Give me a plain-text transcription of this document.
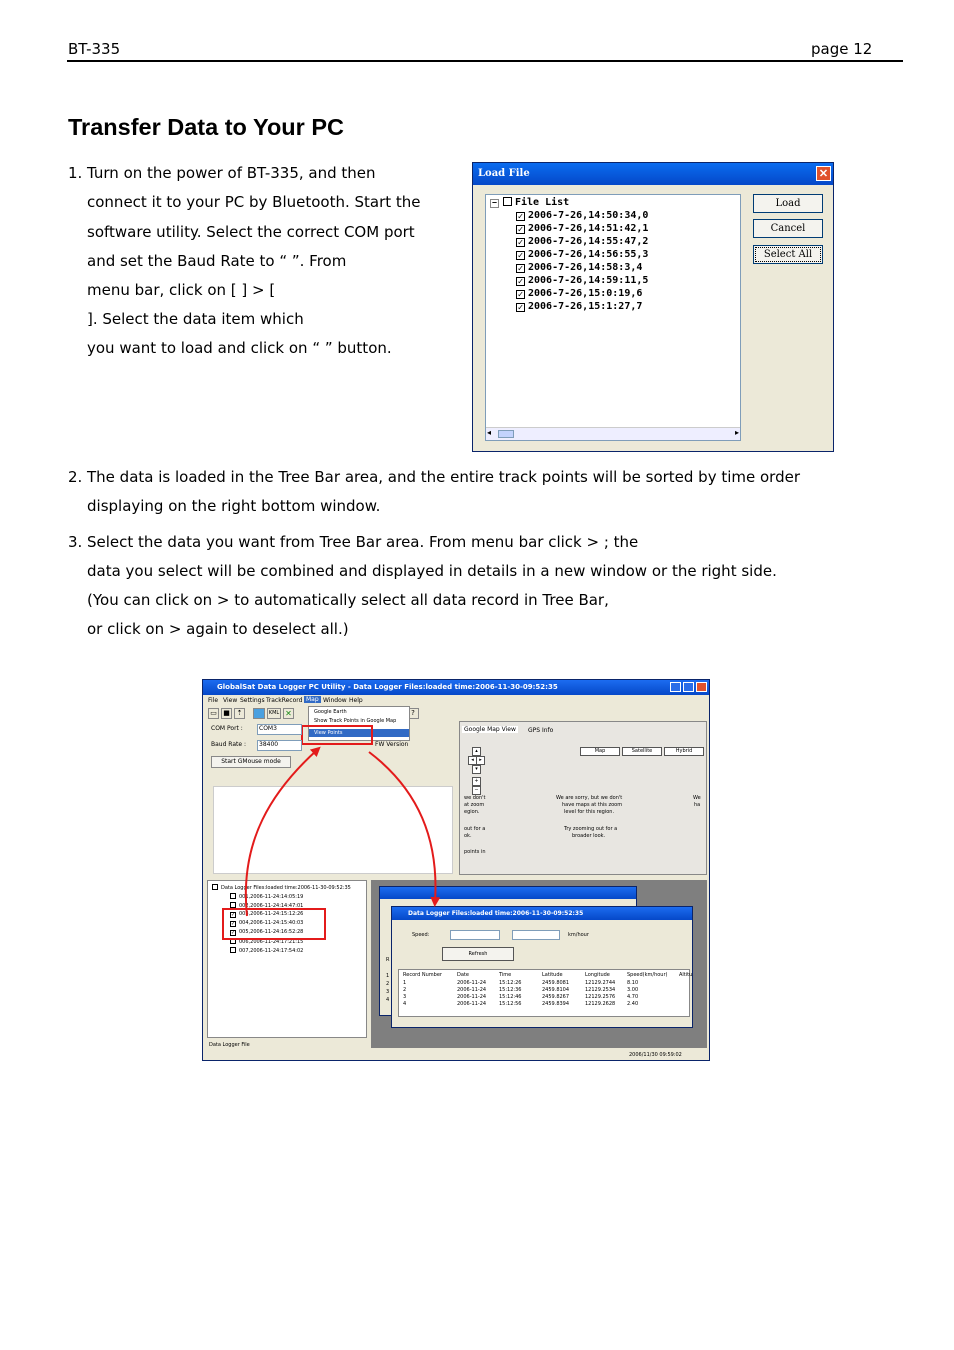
BT-335	page 12
Transfer Data to Your PC
1. Turn on the power of BT-335, and then
connect it to your PC by Bluetooth. Start the
software utility. Select the correct COM port
and set the Baud Rate to “ ”. From
menu bar, click on [ ] > [
]. Select the data item which
you want to load and click on “ ” button.
Load File	✕
− File List
✓ 2006-7-26,14:50:34,0
✓ 2006-7-26,14:51:42,1
✓ 2006-7-26,14:55:47,2
✓ 2006-7-26,14:56:55,3
✓ 2006-7-26,14:58:3,4
✓ 2006-7-26,14:59:11,5
✓ 2006-7-26,15:0:19,6
✓ 2006-7-26,15:1:27,7
◂	▸
Load
Cancel
Select All
2. The data is loaded in the Tree Bar area, and the entire track points will be sorted by time order
displaying on the right bottom window.
3. Select the data you want from Tree Bar area. From menu bar click > ; the
data you select will be combined and displayed in details in a new window or the right side.
(You can click on > to automatically select all data record in Tree Bar,
or click on > again to deselect all.)
GlobalSat Data Logger PC Utility - Data Logger Files:loaded time:2006-11-30-09:52:35
File View Settings TrackRecord Map Window Help
▭ ■ ⇡	KML ✕	?
Google Earth
Show Track Points in Google Map
View Points
COM Port :	COM3
Baud Rate :	38400	FW Version
Start GMouse mode
Google Map View	GPS Info
Map	Satellite	Hybrid
▴
◂	▸
▾
+
−
we don't
at zoom
egion.
We are sorry, but we don't
have maps at this zoom
level for this region.
out for a
ok.
Try zooming out for a
broader look.
We
ha
points in
Data Logger Files:loaded time:2006-11-30-09:52:35
001,2006-11-24:14:05:19
002,2006-11-24:14:47:01
✓ 003,2006-11-24:15:12:26
✓ 004,2006-11-24:15:40:03
✓ 005,2006-11-24:16:52:28
006,2006-11-24:17:21:15
007,2006-11-24:17:54:02
Data Logger File
2006/11/30 09:59:02
R
1
2
3
4
Data Logger Files:loaded time:2006-11-30-09:52:35
Speed:	km/hour
Refresh
Record Number	Date	Time	Latitude	Longitude	Speed(km/hour) Altitu
1	2006-11-24	15:12:26	2459.8081	12129.2744 8.10
2	2006-11-24	15:12:36	2459.8104	12129.2534 3.00
3	2006-11-24	15:12:46	2459.8267	12129.2576 4.70
4	2006-11-24	15:12:56	2459.8394	12129.2628 2.40
